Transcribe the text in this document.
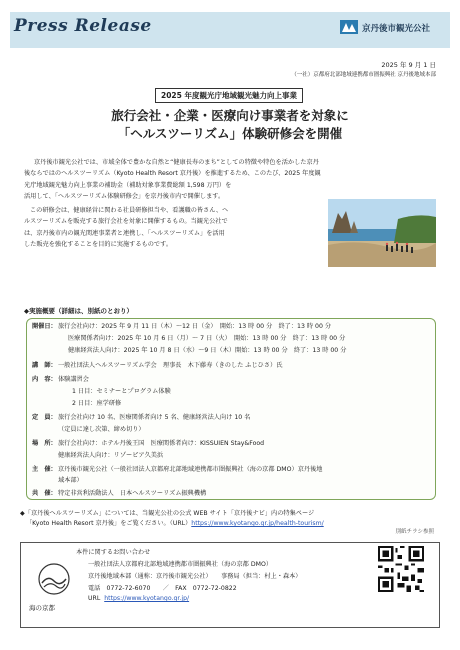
Press Release	京丹後市観光公社
2025 年 9 月 1 日
（一社）京都府北部地域連携都市圏振興社 京丹後地域本部
2025 年度観光庁地域観光魅力向上事業
旅行会社・企業・医療向け事業者を対象に
「ヘルスツーリズム」体験研修会を開催
京丹後市観光公社では、市域全体で豊かな自然と“健康長寿のまち”としての特徴や特色を活かした京丹
後ならではのヘルスツーリズム（Kyoto Health Resort 京丹後）を推進するため、このたび、2025 年度観
光庁地域観光魅力向上事業の補助金（補助対象事業費総額 1,598 万円）を
活用して、「ヘルスツーリズム体験研修会」を京丹後市内で開催します。
この研修会は、健康経営に関わる社員研修担当や、看護職の皆さん、ヘ
ルスツーリズムを販売する旅行会社を対象に開催するもの。当観光公社で
は、京丹後市内の観光関連事業者と連携し、「ヘルスツーリズム」を活用
した販売を強化することを目的に実施するものです。
◆実施概要（詳細は、別紙のとおり）
開催日： 旅行会社向け：2025 年 9 月 11 日（木）～12 日（金）　開始：13 時 00 分　終了：13 時 00 分
医療関係者向け：2025 年 10 月 6 日（月）～ 7 日（火）　開始：13 時 00 分　終了：13 時 00 分
健康経営法人向け：2025 年 10 月 8 日（水）～9 日（木）開始：13 時 00 分　終了：13 時 00 分
講　師： 一般社団法人ヘルスツーリズム学会　理事長　木下藤寿（きのした ふじひさ）氏
内　容： 体験講習会
1 日目：セミナーとプログラム体験
2 日目：座学研修
定　員： 旅行会社向け 10 名、医療関係者向け 5 名、健康経営法人向け 10 名
（定員に達し次第、締め切り）
場　所： 旅行会社向け：ホテル丹後王国　医療関係者向け：KISSUIEN Stay&Food
健康経営法人向け：リゾーピア久美浜
主　催： 京丹後市観光公社（一般社団法人京都府北部地域連携都市圏振興社（海の京都 DMO）京丹後地
域本部）
共　催： 特定非営利活動法人　日本ヘルスツーリズム振興機構
◆「京丹後ヘルスツーリズム」については、当観光公社の公式 WEB サイト「京丹後ナビ」内の特集ページ
「Kyoto Health Resort 京丹後」をご覧ください。（URL）https://www.kyotango.gr.jp/health-tourism/
別紙チラシ参照
海の京都
本件に関するお問い合わせ
一般社団法人京都府北部地域連携都市圏振興社（海の京都 DMO）
京丹後地域本部（通称：京丹後市観光公社）　　事務局（担当：村上・森本）
電話　0772-72-6070　　／　FAX　0772-72-0822
URL https://www.kyotango.gr.jp/
